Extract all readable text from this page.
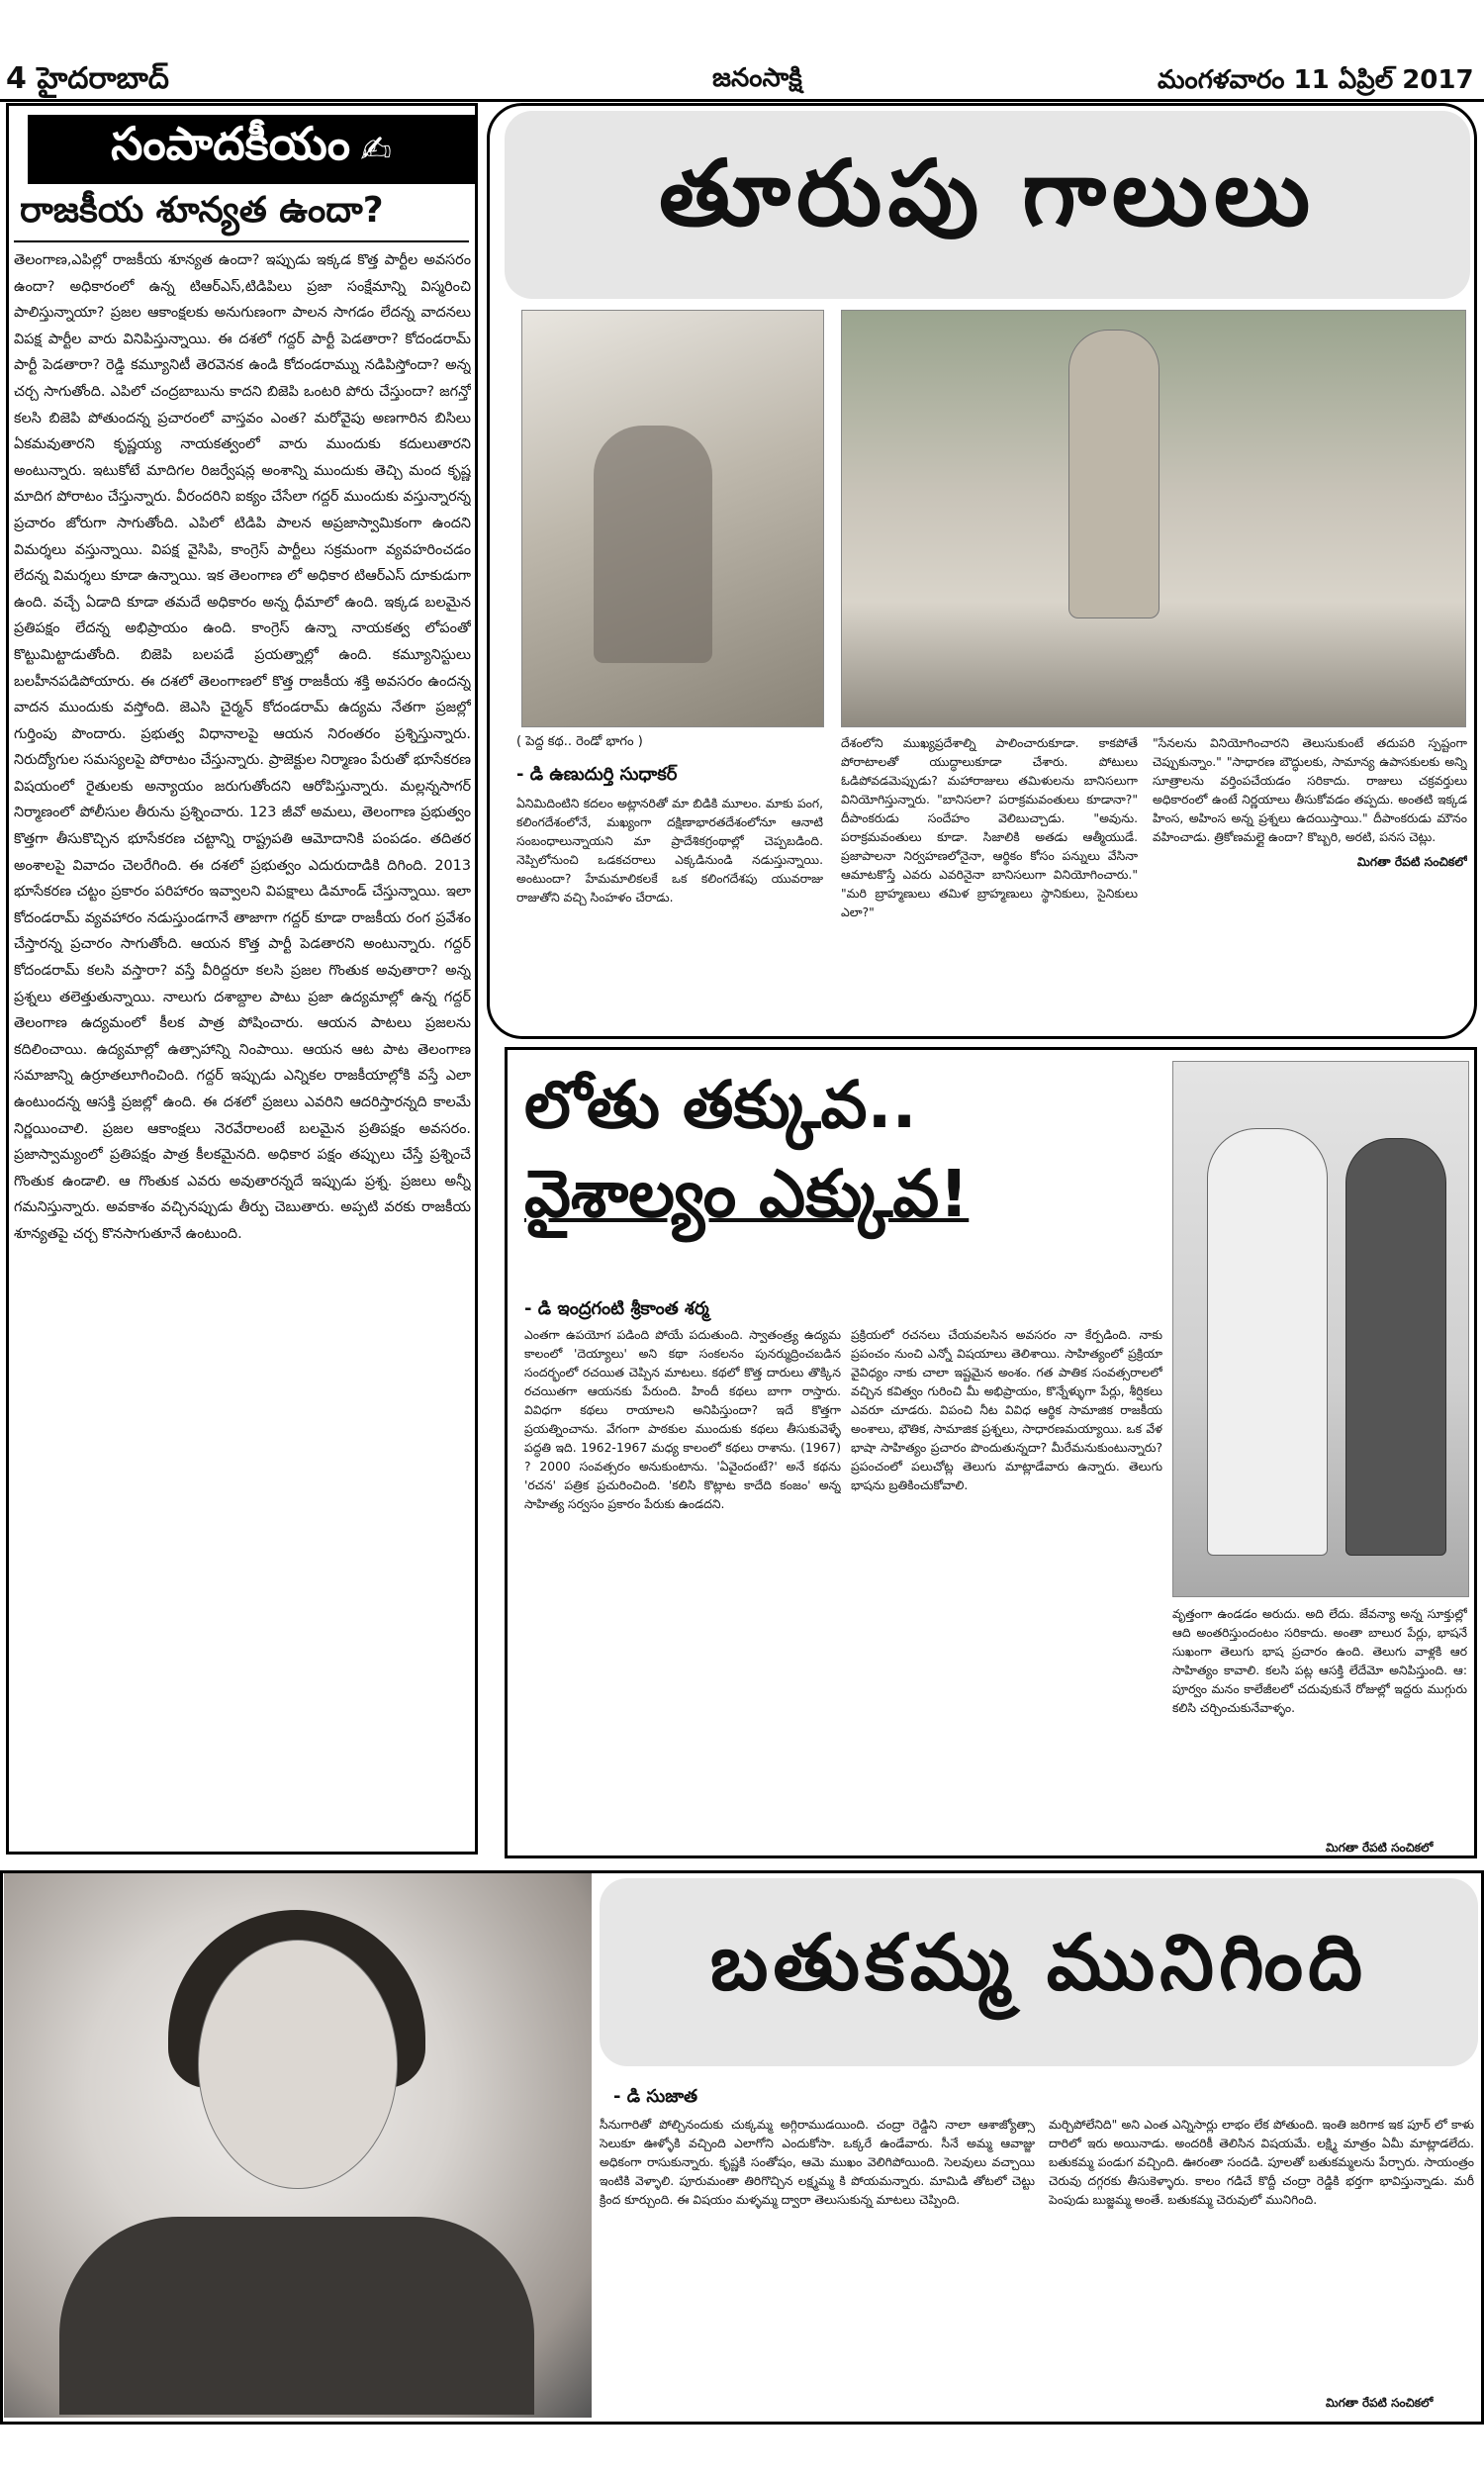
4 హైదరాబాద్	జనంసాక్షి	మంగళవారం 11 ఏప్రిల్ 2017
సంపాదకీయం ✍
రాజకీయ శూన్యత ఉందా?
తెలంగాణ,ఎపిల్లో రాజకీయ శూన్యత ఉందా? ఇప్పుడు ఇక్కడ కొత్త పార్టీల అవసరం ఉందా? అధికారంలో ఉన్న టిఆర్ఎస్,టిడిపిలు ప్రజా సంక్షేమాన్ని విస్మరించి పాలిస్తున్నాయా? ప్రజల ఆకాంక్షలకు అనుగుణంగా పాలన సాగడం లేదన్న వాదనలు విపక్ష పార్టీల వారు వినిపిస్తున్నాయి. ఈ దశలో గద్దర్ పార్టీ పెడతారా? కోదండరామ్ పార్టీ పెడతారా? రెడ్డి కమ్యూనిటీ తెరవెనక ఉండి కోదండరామ్ను నడిపిస్తోందా? అన్న చర్చ సాగుతోంది. ఎపిలో చంద్రబాబును కాదని బిజెపి ఒంటరి పోరు చేస్తుందా? జగన్తో కలసి బిజెపి పోతుందన్న ప్రచారంలో వాస్తవం ఎంత? మరోవైపు అణగారిన బిసిలు ఏకమవుతారని కృష్ణయ్య నాయకత్వంలో వారు ముందుకు కదులుతారని అంటున్నారు. ఇటుకోటే మాదిగల రిజర్వేషన్ల అంశాన్ని ముందుకు తెచ్చి మంద కృష్ణ మాదిగ పోరాటం చేస్తున్నారు. వీరందరిని ఐక్యం చేసేలా గద్దర్ ముందుకు వస్తున్నారన్న ప్రచారం జోరుగా సాగుతోంది. ఎపిలో టిడిపి పాలన అప్రజాస్వామికంగా ఉందని విమర్శలు వస్తున్నాయి. విపక్ష వైసిపి, కాంగ్రెస్ పార్టీలు సక్రమంగా వ్యవహరించడం లేదన్న విమర్శలు కూడా ఉన్నాయి. ఇక తెలంగాణ లో అధికార టిఆర్ఎస్ దూకుడుగా ఉంది. వచ్చే ఏడాది కూడా తమదే అధికారం అన్న ధీమాలో ఉంది. ఇక్కడ బలమైన ప్రతిపక్షం లేదన్న అభిప్రాయం ఉంది. కాంగ్రెస్ ఉన్నా నాయకత్వ లోపంతో కొట్టుమిట్టాడుతోంది. బిజెపి బలపడే ప్రయత్నాల్లో ఉంది. కమ్యూనిస్టులు బలహీనపడిపోయారు. ఈ దశలో తెలంగాణలో కొత్త రాజకీయ శక్తి అవసరం ఉందన్న వాదన ముందుకు వస్తోంది. జెఎసి చైర్మన్ కోదండరామ్ ఉద్యమ నేతగా ప్రజల్లో గుర్తింపు పొందారు. ప్రభుత్వ విధానాలపై ఆయన నిరంతరం ప్రశ్నిస్తున్నారు. నిరుద్యోగుల సమస్యలపై పోరాటం చేస్తున్నారు. ప్రాజెక్టుల నిర్మాణం పేరుతో భూసేకరణ విషయంలో రైతులకు అన్యాయం జరుగుతోందని ఆరోపిస్తున్నారు. మల్లన్నసాగర్ నిర్మాణంలో పోలీసుల తీరును ప్రశ్నించారు. 123 జీవో అమలు, తెలంగాణ ప్రభుత్వం కొత్తగా తీసుకొచ్చిన భూసేకరణ చట్టాన్ని రాష్ట్రపతి ఆమోదానికి పంపడం. తదితర అంశాలపై వివాదం చెలరేగింది. ఈ దశలో ప్రభుత్వం ఎదురుదాడికి దిగింది. 2013 భూసేకరణ చట్టం ప్రకారం పరిహారం ఇవ్వాలని విపక్షాలు డిమాండ్ చేస్తున్నాయి. ఇలా కోదండరామ్ వ్యవహారం నడుస్తుండగానే తాజాగా గద్దర్ కూడా రాజకీయ రంగ ప్రవేశం చేస్తారన్న ప్రచారం సాగుతోంది. ఆయన కొత్త పార్టీ పెడతారని అంటున్నారు. గద్దర్ కోదండరామ్ కలసి వస్తారా? వస్తే వీరిద్దరూ కలసి ప్రజల గొంతుక అవుతారా? అన్న ప్రశ్నలు తలెత్తుతున్నాయి. నాలుగు దశాబ్దాల పాటు ప్రజా ఉద్యమాల్లో ఉన్న గద్దర్ తెలంగాణ ఉద్యమంలో కీలక పాత్ర పోషించారు. ఆయన పాటలు ప్రజలను కదిలించాయి. ఉద్యమాల్లో ఉత్సాహాన్ని నింపాయి. ఆయన ఆట పాట తెలంగాణ సమాజాన్ని ఉర్రూతలూగించింది. గద్దర్ ఇప్పుడు ఎన్నికల రాజకీయాల్లోకి వస్తే ఎలా ఉంటుందన్న ఆసక్తి ప్రజల్లో ఉంది. ఈ దశలో ప్రజలు ఎవరిని ఆదరిస్తారన్నది కాలమే నిర్ణయించాలి. ప్రజల ఆకాంక్షలు నెరవేరాలంటే బలమైన ప్రతిపక్షం అవసరం. ప్రజాస్వామ్యంలో ప్రతిపక్షం పాత్ర కీలకమైనది. అధికార పక్షం తప్పులు చేస్తే ప్రశ్నించే గొంతుక ఉండాలి. ఆ గొంతుక ఎవరు అవుతారన్నదే ఇప్పుడు ప్రశ్న. ప్రజలు అన్నీ గమనిస్తున్నారు. అవకాశం వచ్చినప్పుడు తీర్పు చెబుతారు. అప్పటి వరకు రాజకీయ శూన్యతపై చర్చ కొనసాగుతూనే ఉంటుంది.
తూరుపు గాలులు
( పెద్ద కథ.. రెండో భాగం )
- డి ఉణుదుర్తి సుధాకర్
ఏనిమిదింటిని కదలం అట్లానరితో మా బిడికి మూలం. మాకు పంగ, కలింగదేశంలోనే, మఖ్యంగా దక్షిణాభారతదేశంలోనూ ఆనాటి సంబంధాలున్నాయని మా ప్రాదేశికగ్రంథాల్లో చెప్పబడింది. నెప్పిలోనుంచి ఒడకచరాలు ఎక్కడినుండి నడుస్తున్నాయి. అంటుందా? హేమమాలికలకే ఒక కలింగదేశపు యువరాజు రాజుతోని వచ్చి సింహళం చేరాడు.
దేశంలోని ముఖ్యప్రదేశాల్ని పాలించారుకూడా. కాకపోతే పోరాటాలతో యుద్ధాలుకూడా చేశారు. పోటులు ఓడిపోవడమెప్పుడు? మహారాజులు తమిళులను బానిసలుగా వినియోగిస్తున్నారు. "బానిసలా? పరాక్రమవంతులు కూడానా?" దీపాంకరుడు సందేహం వెలిబుచ్చాడు. "అవును. పరాక్రమవంతులు కూడా. సిజాలికి అతడు ఆత్మీయుడే. ప్రజాపాలనా నిర్వహణలోనైనా, ఆర్థికం కోసం పన్నులు వేసినా ఆమాటకొస్తే ఎవరు ఎవరినైనా బానిసలుగా వినియోగించారు." "మరి బ్రాహ్మణులు తమిళ బ్రాహ్మణులు స్థానికులు, సైనికులు ఎలా?"
"సేనలను వినియోగించారని తెలుసుకుంటే తదుపరి స్పష్టంగా చెప్పుకున్నాం." "సాధారణ బౌద్ధులకు, సామాన్య ఉపాసకులకు అన్ని సూత్రాలను వర్తింపచేయడం సరికాదు. రాజులు చక్రవర్తులు అధికారంలో ఉంటే నిర్ణయాలు తీసుకోవడం తప్పదు. అంతటి ఇక్కడ హింస, అహింస అన్న ప్రశ్నలు ఉదయిస్తాయి." దీపాంకరుడు మౌనం వహించాడు. త్రికోణమల్లై ఉందా? కొబ్బరి, అరటి, పనస చెట్లు.
మిగతా రేపటి సంచికలో
లోతు తక్కువ..
వైశాల్యం ఎక్కువ!
- డి ఇంద్రగంటి శ్రీకాంత శర్మ
ఎంతగా ఉపయోగ పడింది పోయే పదుతుంది. స్వాతంత్ర్య ఉద్యమ కాలంలో 'దెయ్యాలు' అని కథా సంకలనం పునర్ముద్రించబడిన సందర్భంలో రచయిత చెప్పిన మాటలు. కథలో కొత్త దారులు తొక్కిన రచయితగా ఆయనకు పేరుంది. హిందీ కథలు బాగా రాస్తారు. వివిధగా కథలు రాయాలని అనిపిస్తుందా? ఇదే కొత్తగా ప్రయత్నించాను. వేగంగా పాఠకుల ముందుకు కథలు తీసుకువెళ్ళే పద్ధతి ఇది. 1962-1967 మధ్య కాలంలో కథలు రాశాను. (1967) ? 2000 సంవత్సరం అనుకుంటాను. 'ఏవైందంటే?' అనే కథను 'రచన' పత్రిక ప్రచురించింది. 'కలిసి కొట్లాట కాదేది కంజం' అన్న సాహిత్య సర్వసం ప్రకారం పేరుకు ఉండదని.
ప్రక్రియలో రచనలు చేయవలసిన అవసరం నా కేర్పడింది. నాకు ప్రపంచం నుంచి ఎన్నో విషయాలు తెలిశాయి. సాహిత్యంలో ప్రక్రియా వైవిధ్యం నాకు చాలా ఇష్టమైన అంశం. గత పాతిక సంవత్సరాలలో వచ్చిన కవిత్వం గురించి మీ అభిప్రాయం, కొన్నేళ్ళుగా పేర్లు, శీర్షికలు ఎవరూ చూడరు. విపంచి నీట వివిధ ఆర్థిక సామాజిక రాజకీయ అంశాలు, భౌతిక, సామాజిక ప్రశ్నలు, సాధారణమయ్యాయి. ఒక వేళ భాషా సాహిత్యం ప్రచారం పొందుతున్నదా? మీరేమనుకుంటున్నారు? ప్రపంచంలో పలుచోట్ల తెలుగు మాట్లాడేవారు ఉన్నారు. తెలుగు భాషను బ్రతికించుకోవాలి.
వృత్తంగా ఉండడం అరుదు. అది లేదు. జేవన్యా అన్న సూక్తుల్లో ఆది అంతరిస్తుందంటం సరికాదు. అంతా బాలుర పేర్లు, భాషనే సుఖంగా తెలుగు భాష ప్రచారం ఉంది. తెలుగు వాళ్లకి ఆర సాహిత్యం కావాలి. కలసి పట్ల ఆసక్తి లేదేమో అనిపిస్తుంది. ఆ: పూర్వం మనం కాలేజీలలో చదువుకునే రోజుల్లో ఇద్దరు ముగ్గురు కలిసి చర్చించుకునేవాళ్ళం.
మిగతా రేపటి సంచికలో
బతుకమ్మ మునిగింది
- డి సుజాత
సీనుగారితో పోల్చినందుకు చుక్కమ్మ అగ్గిరాముడయింది. చంద్రా రెడ్డిని నాలా ఆశాజ్యోత్సా సెలుకూ ఊళ్ళోకి వచ్చింది ఎలాగోని ఎందుకోసా. ఒక్కరే ఉండేవారు. సీనే అమ్మ ఆవాజ్జు అధికంగా రాసుకున్నారు. కృష్ణకి సంతోషం, ఆమె ముఖం వెలిగిపోయింది. సెలవులు వచ్చాయి ఇంటికి వెళ్ళాలి. పూరుమంతా తిరిగొచ్చిన లక్ష్మమ్మ కి పోయమన్నారు. మామిడి తోటలో చెట్టు క్రింద కూర్చుంది. ఈ విషయం మళ్ళమ్మ ద్వారా తెలుసుకున్న మాటలు చెప్పింది.
మర్చిపోలేనిది" అని ఎంత ఎన్నిసార్లు లాభం లేక పోతుంది. ఇంతి జరిగాక ఇక పూర్ లో కాళు దారిలో ఇరు అయినాడు. అందరికీ తెలిసిన విషయమే. లక్ష్మి మాత్రం ఏమీ మాట్లాడలేదు. బతుకమ్మ పండుగ వచ్చింది. ఊరంతా సందడి. పూలతో బతుకమ్మలను పేర్చారు. సాయంత్రం చెరువు దగ్గరకు తీసుకెళ్ళారు. కాలం గడిచే కొద్దీ చంద్రా రెడ్డికి భర్తగా భావిస్తున్నాడు. మరీ పెంపుడు బుజ్జమ్మ అంతే. బతుకమ్మ చెరువులో మునిగింది.
మిగతా రేపటి సంచికలో
